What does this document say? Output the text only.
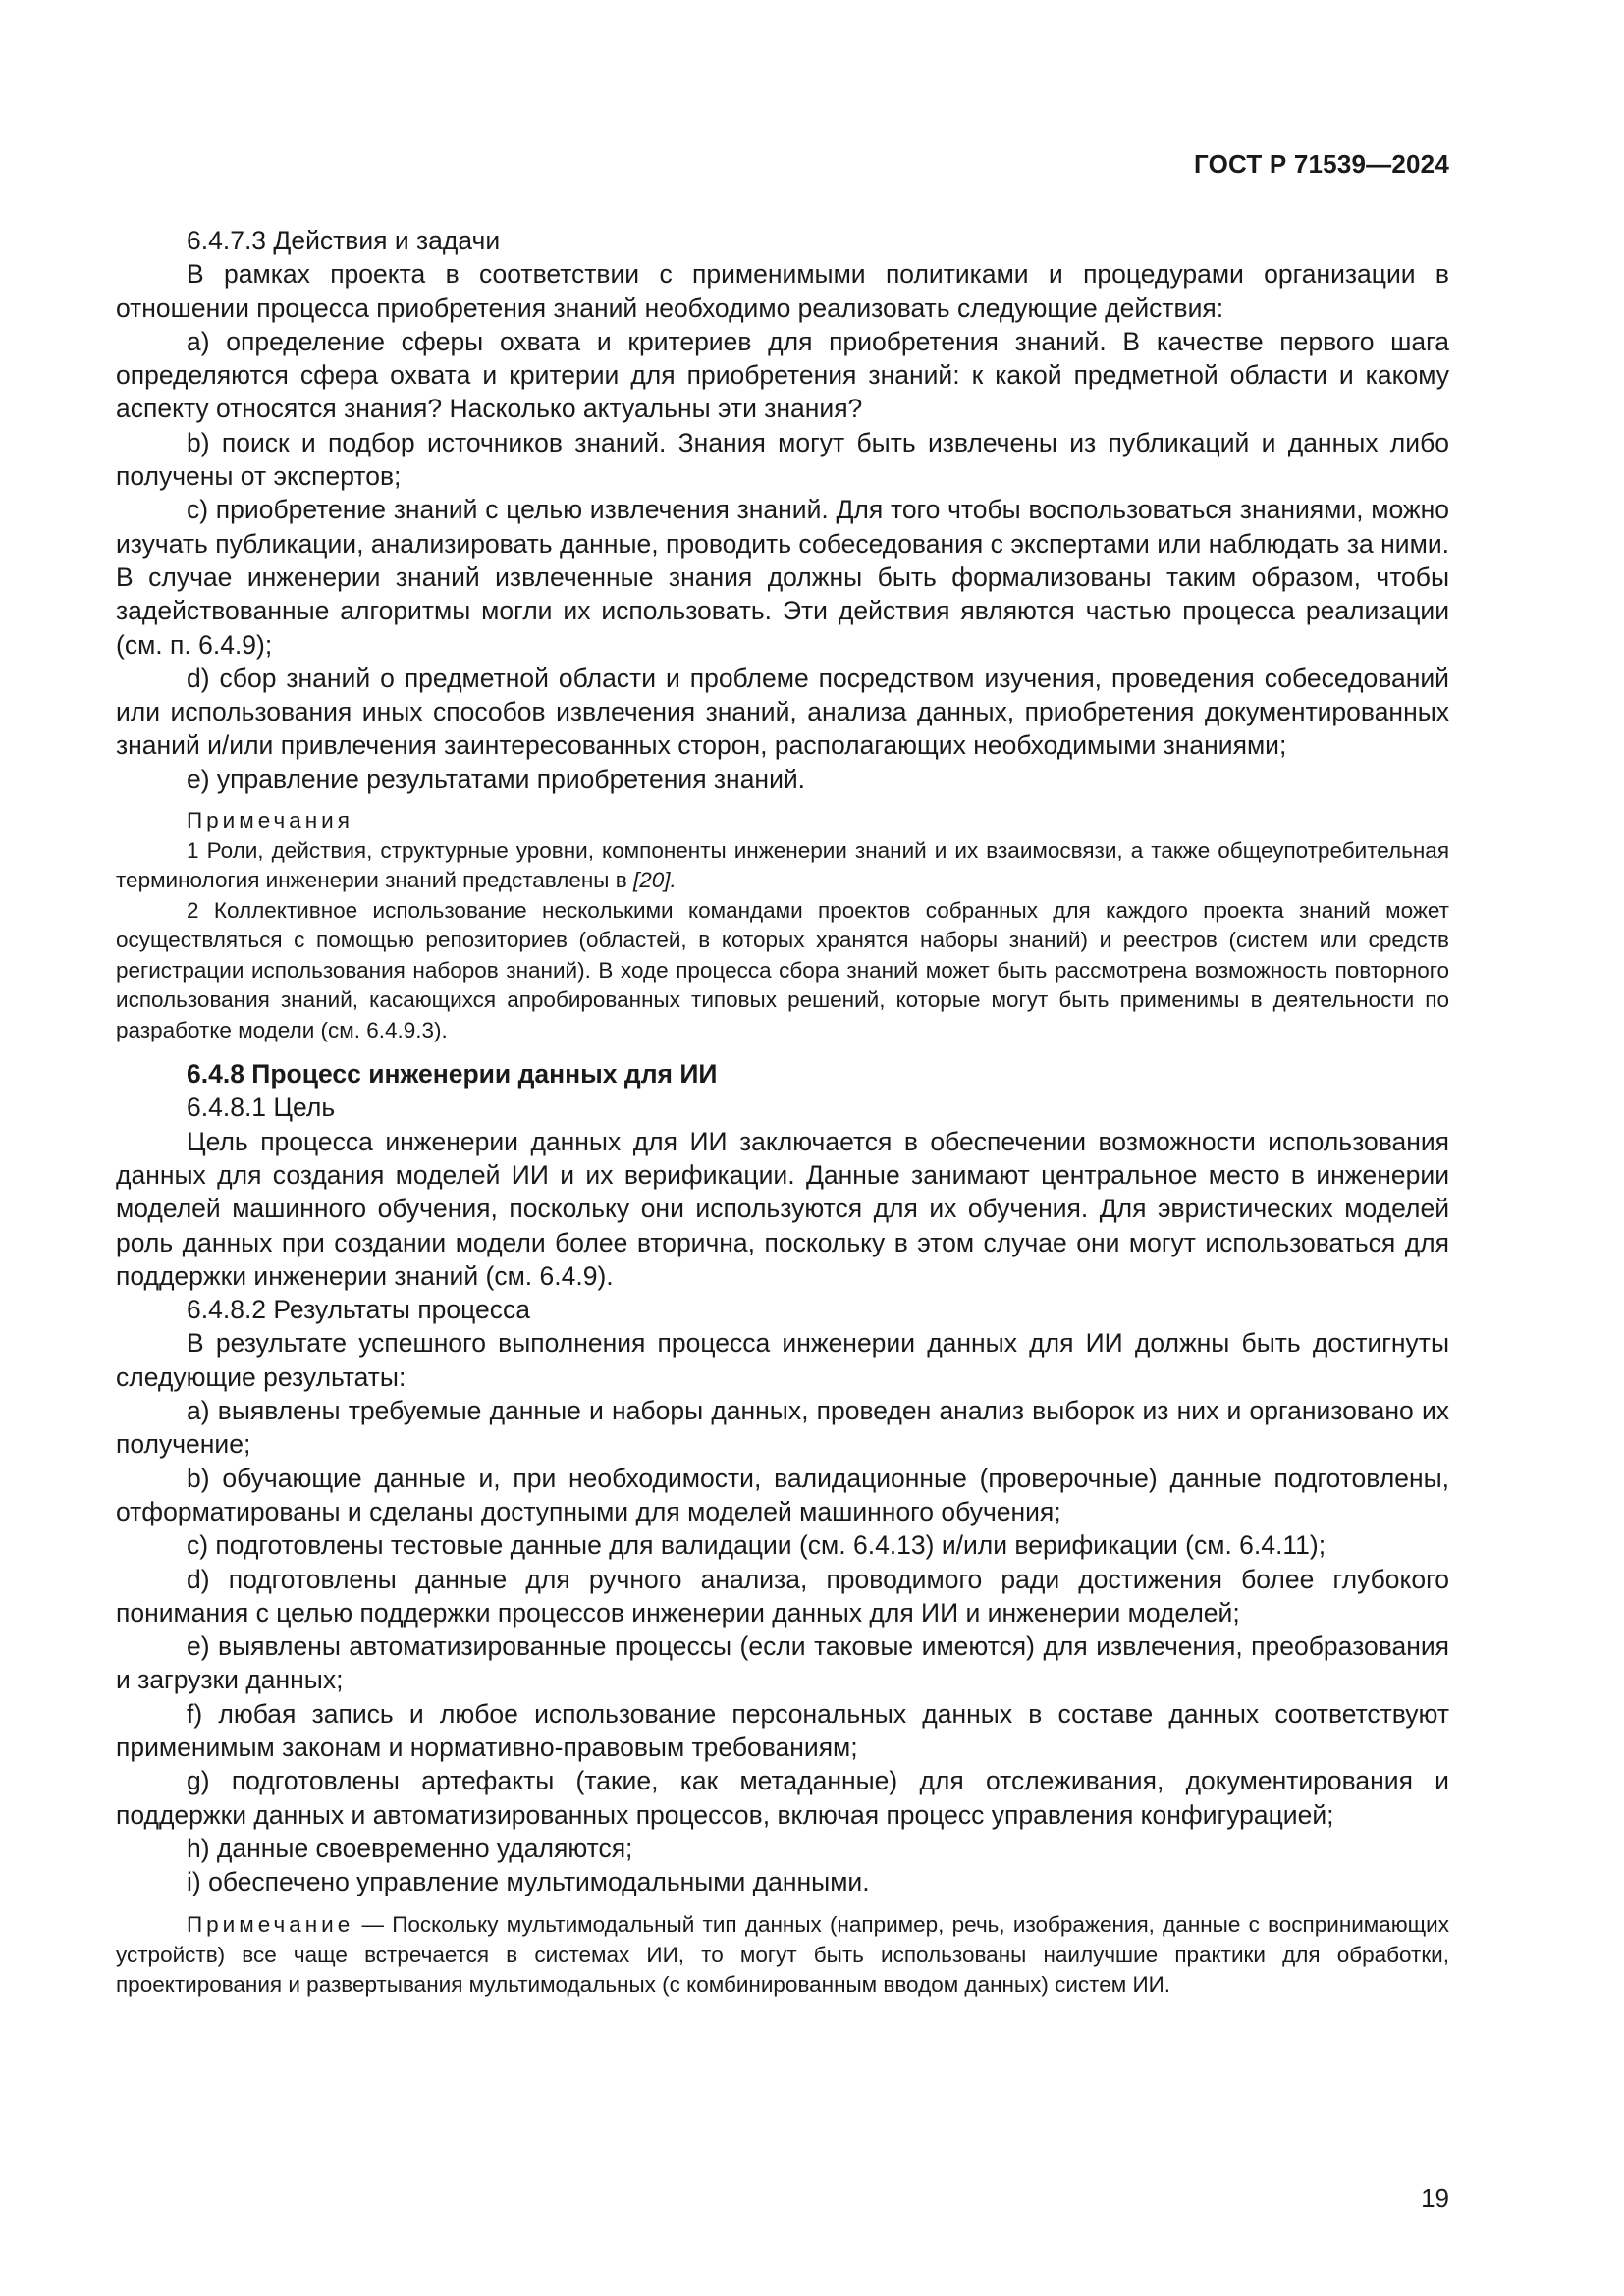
ГОСТ Р 71539—2024

6.4.7.3 Действия и задачи

В рамках проекта в соответствии с применимыми политиками и процедурами организации в отношении процесса приобретения знаний необходимо реализовать следующие действия:

a) определение сферы охвата и критериев для приобретения знаний. В качестве первого шага определяются сфера охвата и критерии для приобретения знаний: к какой предметной области и какому аспекту относятся знания? Насколько актуальны эти знания?

b) поиск и подбор источников знаний. Знания могут быть извлечены из публикаций и данных либо получены от экспертов;

c) приобретение знаний с целью извлечения знаний. Для того чтобы воспользоваться знаниями, можно изучать публикации, анализировать данные, проводить собеседования с экспертами или наблюдать за ними. В случае инженерии знаний извлеченные знания должны быть формализованы таким образом, чтобы задействованные алгоритмы могли их использовать. Эти действия являются частью процесса реализации (см. п. 6.4.9);

d) сбор знаний о предметной области и проблеме посредством изучения, проведения собеседований или использования иных способов извлечения знаний, анализа данных, приобретения документированных знаний и/или привлечения заинтересованных сторон, располагающих необходимыми знаниями;

e) управление результатами приобретения знаний.

Примечания

1 Роли, действия, структурные уровни, компоненты инженерии знаний и их взаимосвязи, а также общеупотребительная терминология инженерии знаний представлены в [20].

2 Коллективное использование несколькими командами проектов собранных для каждого проекта знаний может осуществляться с помощью репозиториев (областей, в которых хранятся наборы знаний) и реестров (систем или средств регистрации использования наборов знаний). В ходе процесса сбора знаний может быть рассмотрена возможность повторного использования знаний, касающихся апробированных типовых решений, которые могут быть применимы в деятельности по разработке модели (см. 6.4.9.3).

6.4.8 Процесс инженерии данных для ИИ

6.4.8.1 Цель

Цель процесса инженерии данных для ИИ заключается в обеспечении возможности использования данных для создания моделей ИИ и их верификации. Данные занимают центральное место в инженерии моделей машинного обучения, поскольку они используются для их обучения. Для эвристических моделей роль данных при создании модели более вторична, поскольку в этом случае они могут использоваться для поддержки инженерии знаний (см. 6.4.9).

6.4.8.2 Результаты процесса

В результате успешного выполнения процесса инженерии данных для ИИ должны быть достигнуты следующие результаты:

a) выявлены требуемые данные и наборы данных, проведен анализ выборок из них и организовано их получение;

b) обучающие данные и, при необходимости, валидационные (проверочные) данные подготовлены, отформатированы и сделаны доступными для моделей машинного обучения;

c) подготовлены тестовые данные для валидации (см. 6.4.13) и/или верификации (см. 6.4.11);

d) подготовлены данные для ручного анализа, проводимого ради достижения более глубокого понимания с целью поддержки процессов инженерии данных для ИИ и инженерии моделей;

e) выявлены автоматизированные процессы (если таковые имеются) для извлечения, преобразования и загрузки данных;

f) любая запись и любое использование персональных данных в составе данных соответствуют применимым законам и нормативно-правовым требованиям;

g) подготовлены артефакты (такие, как метаданные) для отслеживания, документирования и поддержки данных и автоматизированных процессов, включая процесс управления конфигурацией;

h) данные своевременно удаляются;

i) обеспечено управление мультимодальными данными.

Примечание — Поскольку мультимодальный тип данных (например, речь, изображения, данные с воспринимающих устройств) все чаще встречается в системах ИИ, то могут быть использованы наилучшие практики для обработки, проектирования и развертывания мультимодальных (с комбинированным вводом данных) систем ИИ.

19
